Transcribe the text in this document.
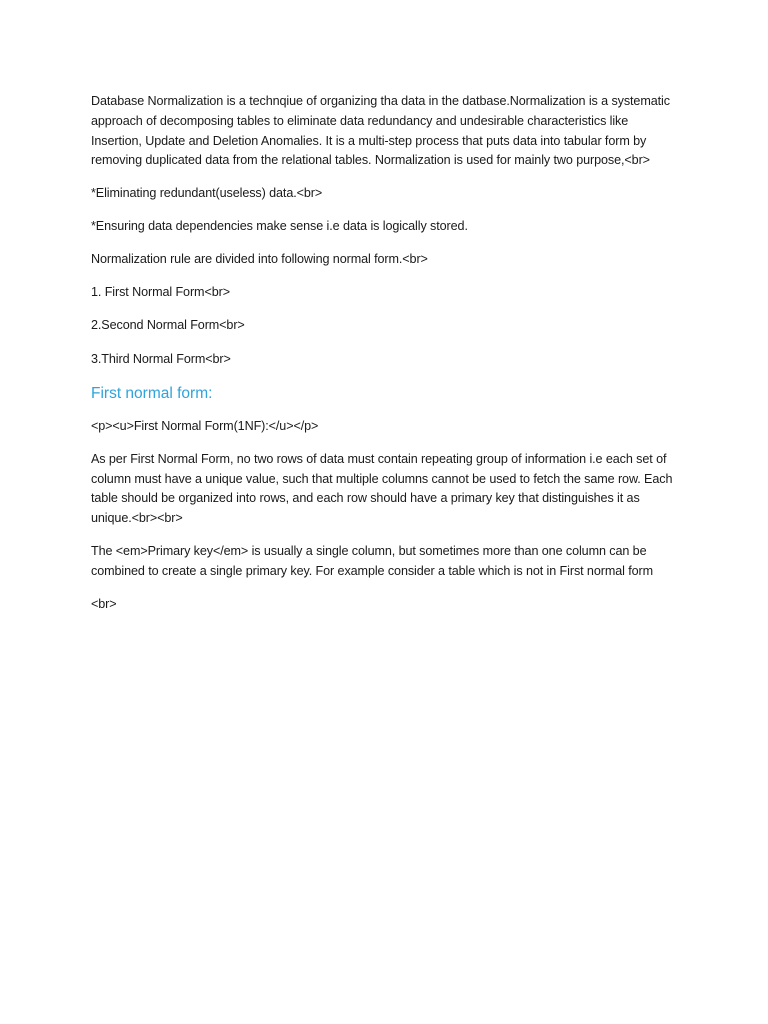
Database Normalization is a technqiue of organizing tha data in the datbase.Normalization is a systematic approach of decomposing tables to eliminate data redundancy and undesirable characteristics like Insertion, Update and Deletion Anomalies. It is a multi-step process that puts data into tabular form by removing duplicated data from the relational tables. Normalization is used for mainly two purpose,<br>

*Eliminating redundant(useless) data.<br>

*Ensuring data dependencies make sense i.e data is logically stored.

Normalization rule are divided into following normal form.<br>

1. First Normal Form<br>

2.Second Normal Form<br>

3.Third Normal Form<br>

First normal form:

<p><u>First Normal Form(1NF):</u></p>

As per First Normal Form, no two rows of data must contain repeating group of information i.e each set of column must have a unique value, such that multiple columns cannot be used to fetch the same row. Each table should be organized into rows, and each row should have a primary key that distinguishes it as unique.<br><br>

The <em>Primary key</em> is usually a single column, but sometimes more than one column can be combined to create a single primary key. For example consider a table which is not in First normal form

<br>
